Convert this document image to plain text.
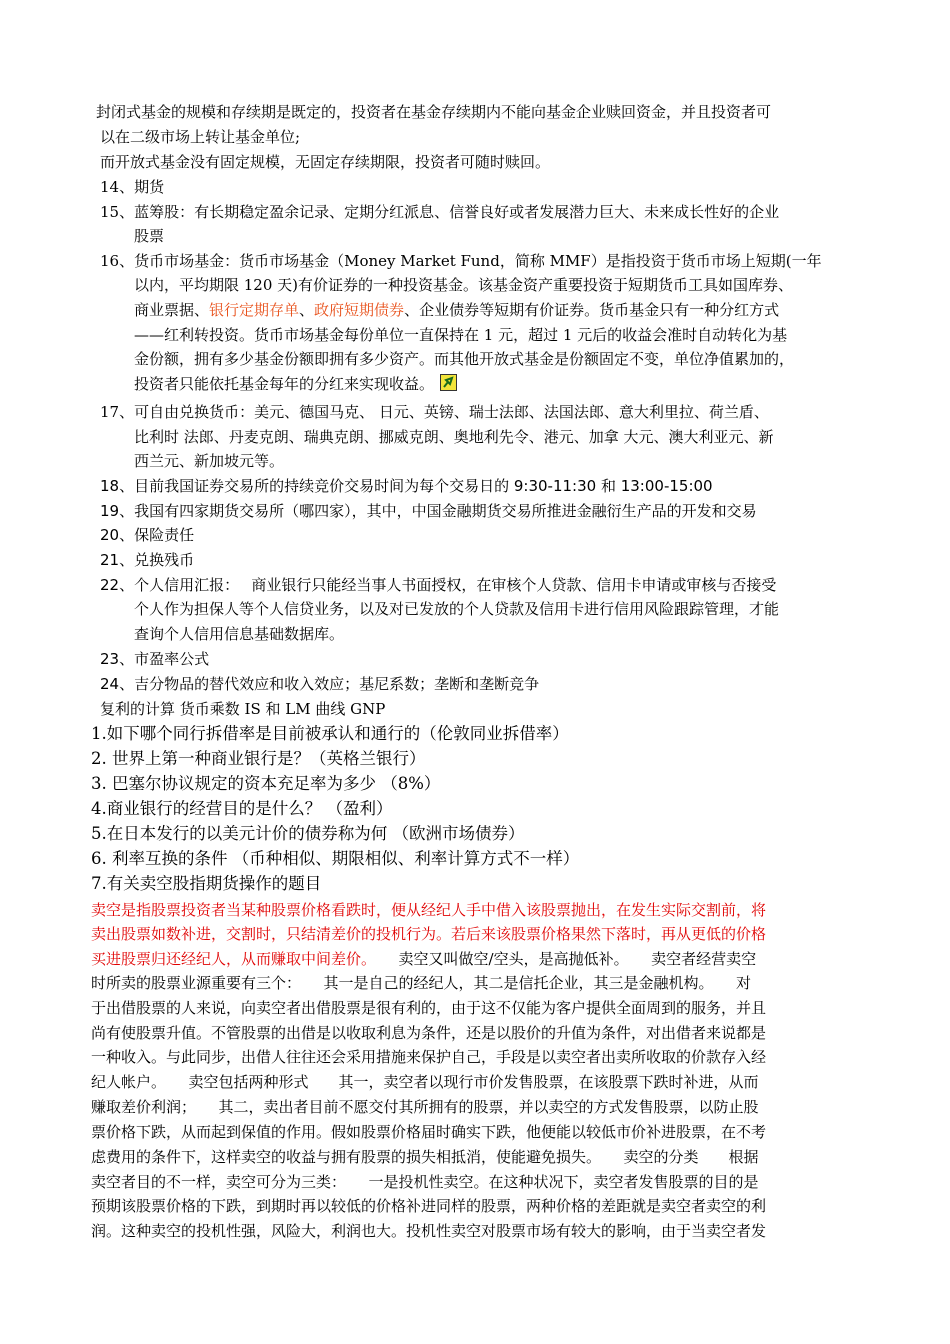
封闭式基金的规模和存续期是既定的，投资者在基金存续期内不能向基金企业赎回资金，并且投资者可
以在二级市场上转让基金单位;
而开放式基金没有固定规模，无固定存续期限，投资者可随时赎回。
14、期货
15、蓝筹股：有长期稳定盈余记录、定期分红派息、信誉良好或者发展潜力巨大、未来成长性好的企业
股票
16、货币市场基金：货币市场基金（Money Market Fund，简称 MMF）是指投资于货币市场上短期(一年
以内，平均期限 120 天)有价证券的一种投资基金。该基金资产重要投资于短期货币工具如国库券、
商业票据、银行定期存单、政府短期债券、企业债券等短期有价证券。货币基金只有一种分红方式
——红利转投资。货币市场基金每份单位一直保持在 1 元，超过 1 元后的收益会准时自动转化为基
金份额，拥有多少基金份额即拥有多少资产。而其他开放式基金是份额固定不变，单位净值累加的，
投资者只能依托基金每年的分红来实现收益。
17、可自由兑换货币：美元、德国马克、 日元、英镑、瑞士法郎、法国法郎、意大利里拉、荷兰盾、
比利时 法郎、丹麦克朗、瑞典克朗、挪威克朗、奥地利先令、港元、加拿 大元、澳大利亚元、新
西兰元、新加坡元等。
18、目前我国证券交易所的持续竞价交易时间为每个交易日的 9:30-11:30 和 13:00-15:00
19、我国有四家期货交易所（哪四家），其中，中国金融期货交易所推进金融衍生产品的开发和交易
20、保险责任
21、兑换残币
22、个人信用汇报：　 商业银行只能经当事人书面授权，在审核个人贷款、信用卡申请或审核与否接受
个人作为担保人等个人信贷业务，以及对已发放的个人贷款及信用卡进行信用风险跟踪管理，才能
查询个人信用信息基础数据库。
23、市盈率公式
24、吉分物品的替代效应和收入效应；基尼系数；垄断和垄断竞争
复利的计算 货币乘数 IS 和 LM 曲线 GNP
1.如下哪个同行拆借率是目前被承认和通行的（伦敦同业拆借率）
2. 世界上第一种商业银行是？（英格兰银行）
3. 巴塞尔协议规定的资本充足率为多少 （8%）
4.商业银行的经营目的是什么？ （盈利）
5.在日本发行的以美元计价的债券称为何 （欧洲市场债券）
6. 利率互换的条件 （币种相似、期限相似、利率计算方式不一样）
7.有关卖空股指期货操作的题目
卖空是指股票投资者当某种股票价格看跌时，便从经纪人手中借入该股票抛出，在发生实际交割前，将
卖出股票如数补进，交割时，只结清差价的投机行为。若后来该股票价格果然下落时，再从更低的价格
买进股票归还经纪人，从而赚取中间差价。　　卖空又叫做空/空头，是高抛低补。　　卖空者经营卖空
时所卖的股票业源重要有三个：　　其一是自己的经纪人，其二是信托企业，其三是金融机构。　　对
于出借股票的人来说，向卖空者出借股票是很有利的，由于这不仅能为客户提供全面周到的服务，并且
尚有使股票升值。不管股票的出借是以收取利息为条件，还是以股价的升值为条件，对出借者来说都是
一种收入。与此同步，出借人往往还会采用措施来保护自己，手段是以卖空者出卖所收取的价款存入经
纪人帐户。　　卖空包括两种形式　　其一，卖空者以现行市价发售股票，在该股票下跌时补进，从而
赚取差价利润；　　其二，卖出者目前不愿交付其所拥有的股票，并以卖空的方式发售股票，以防止股
票价格下跌，从而起到保值的作用。假如股票价格届时确实下跌，他便能以较低市价补进股票，在不考
虑费用的条件下，这样卖空的收益与拥有股票的损失相抵消，使能避免损失。　　卖空的分类　　根据
卖空者目的不一样，卖空可分为三类：　　一是投机性卖空。在这种状况下，卖空者发售股票的目的是
预期该股票价格的下跌，到期时再以较低的价格补进同样的股票，两种价格的差距就是卖空者卖空的利
润。这种卖空的投机性强，风险大，利润也大。投机性卖空对股票市场有较大的影响，由于当卖空者发
